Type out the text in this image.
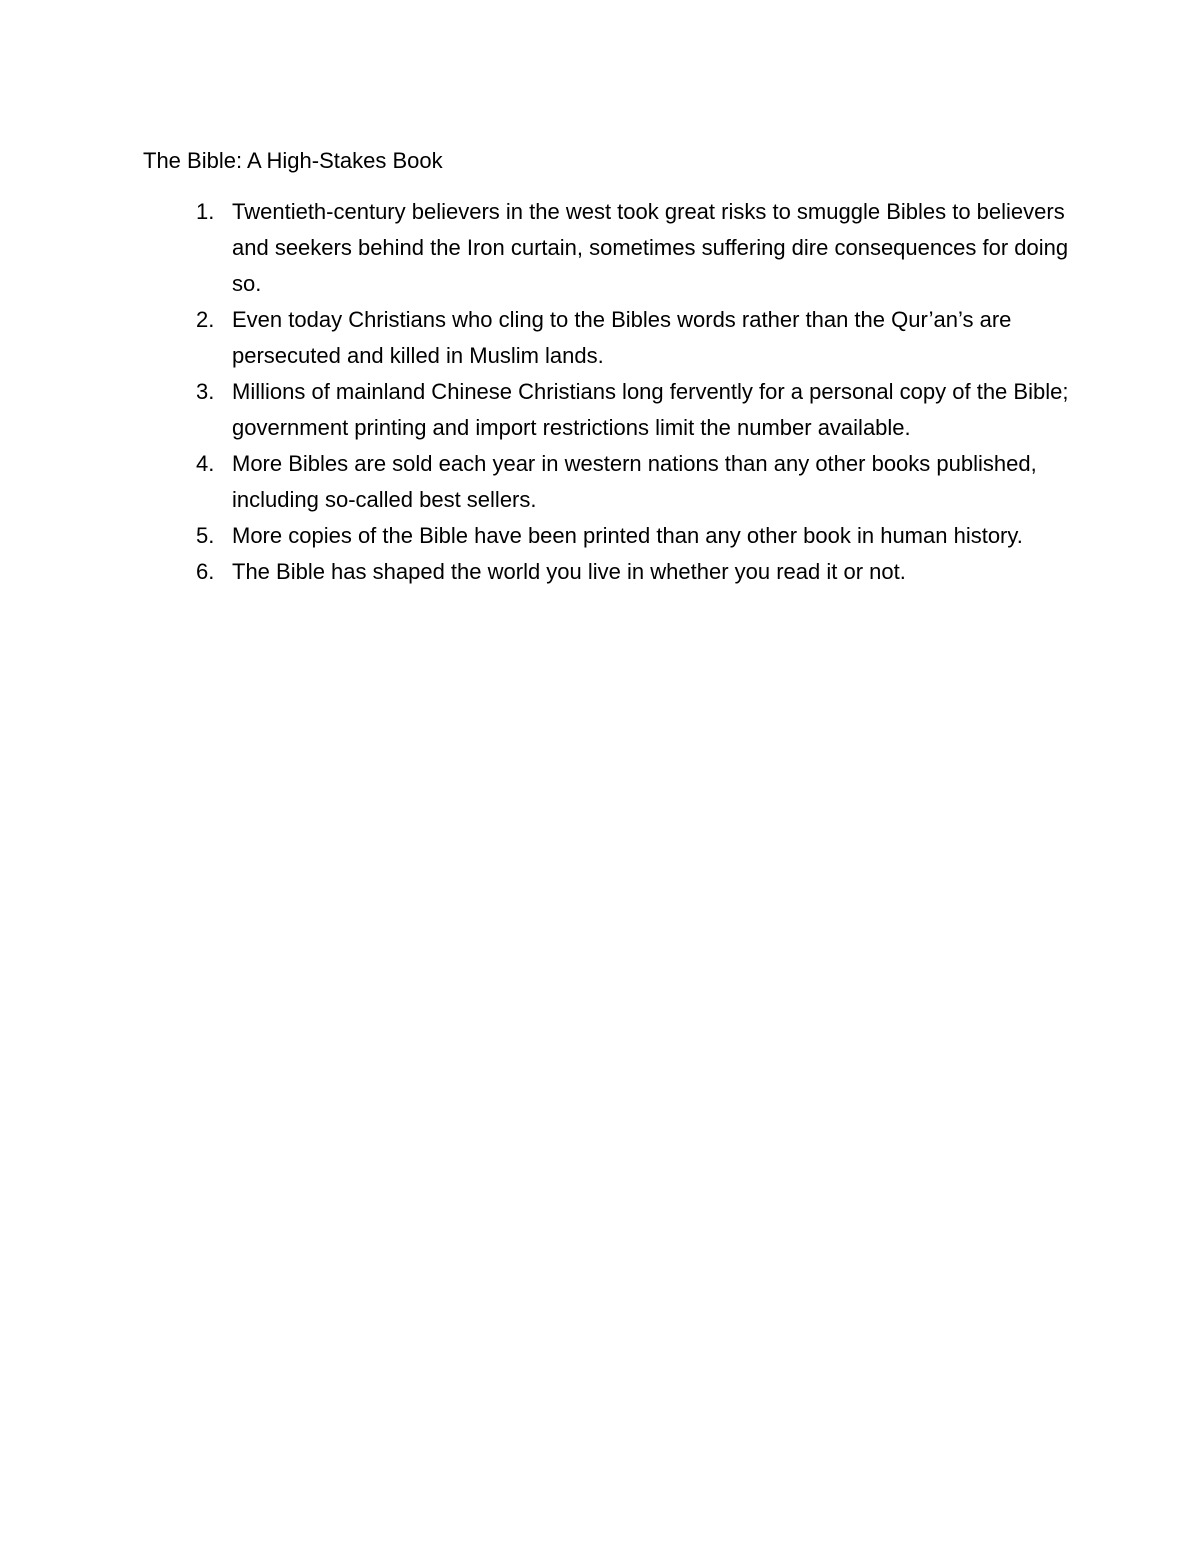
The Bible: A High-Stakes Book
1. Twentieth-century believers in the west took great risks to smuggle Bibles to believers and seekers behind the Iron curtain, sometimes suffering dire consequences for doing so.
2. Even today Christians who cling to the Bibles words rather than the Qur’an’s are persecuted and killed in Muslim lands.
3. Millions of mainland Chinese Christians long fervently for a personal copy of the Bible; government printing and import restrictions limit the number available.
4. More Bibles are sold each year in western nations than any other books published, including so-called best sellers.
5. More copies of the Bible have been printed than any other book in human history.
6. The Bible has shaped the world you live in whether you read it or not.
